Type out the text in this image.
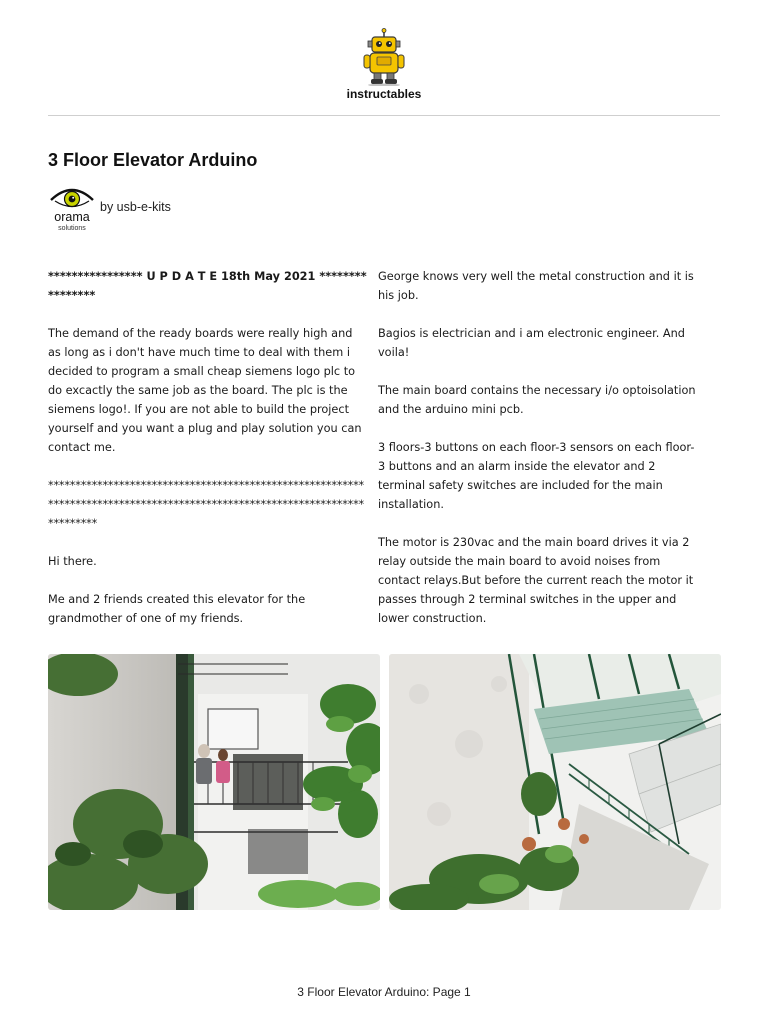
instructables
3 Floor Elevator Arduino
orama
solutions
by usb-e-kits

**************** U P D A T E 18th May 2021 ****************

The demand of the ready boards were really high and as long as i don't have much time to deal with them i decided to program a small cheap siemens logo plc to do excactly the same job as the board. The plc is the siemens logo!. If you are not able to build the project yourself and you want a plug and play solution you can contact me.

*****************************************************************************************************************************

Hi there.

Me and 2 friends created this elevator for the grandmother of one of my friends.

George knows very well the metal construction and it is his job.

Bagios is electrician and i am electronic engineer. And voila!

The main board contains the necessary i/o optoisolation and the arduino mini pcb.

3 floors-3 buttons on each floor-3 sensors on each floor-3 buttons and an alarm inside the elevator and 2 terminal safety switches are included for the main installation.

The motor is 230vac and the main board drives it via 2 relay outside the main board to avoid noises from contact relays.But before the current reach the motor it passes through 2 terminal switches in the upper and lower construction.

3 Floor Elevator Arduino: Page 1
